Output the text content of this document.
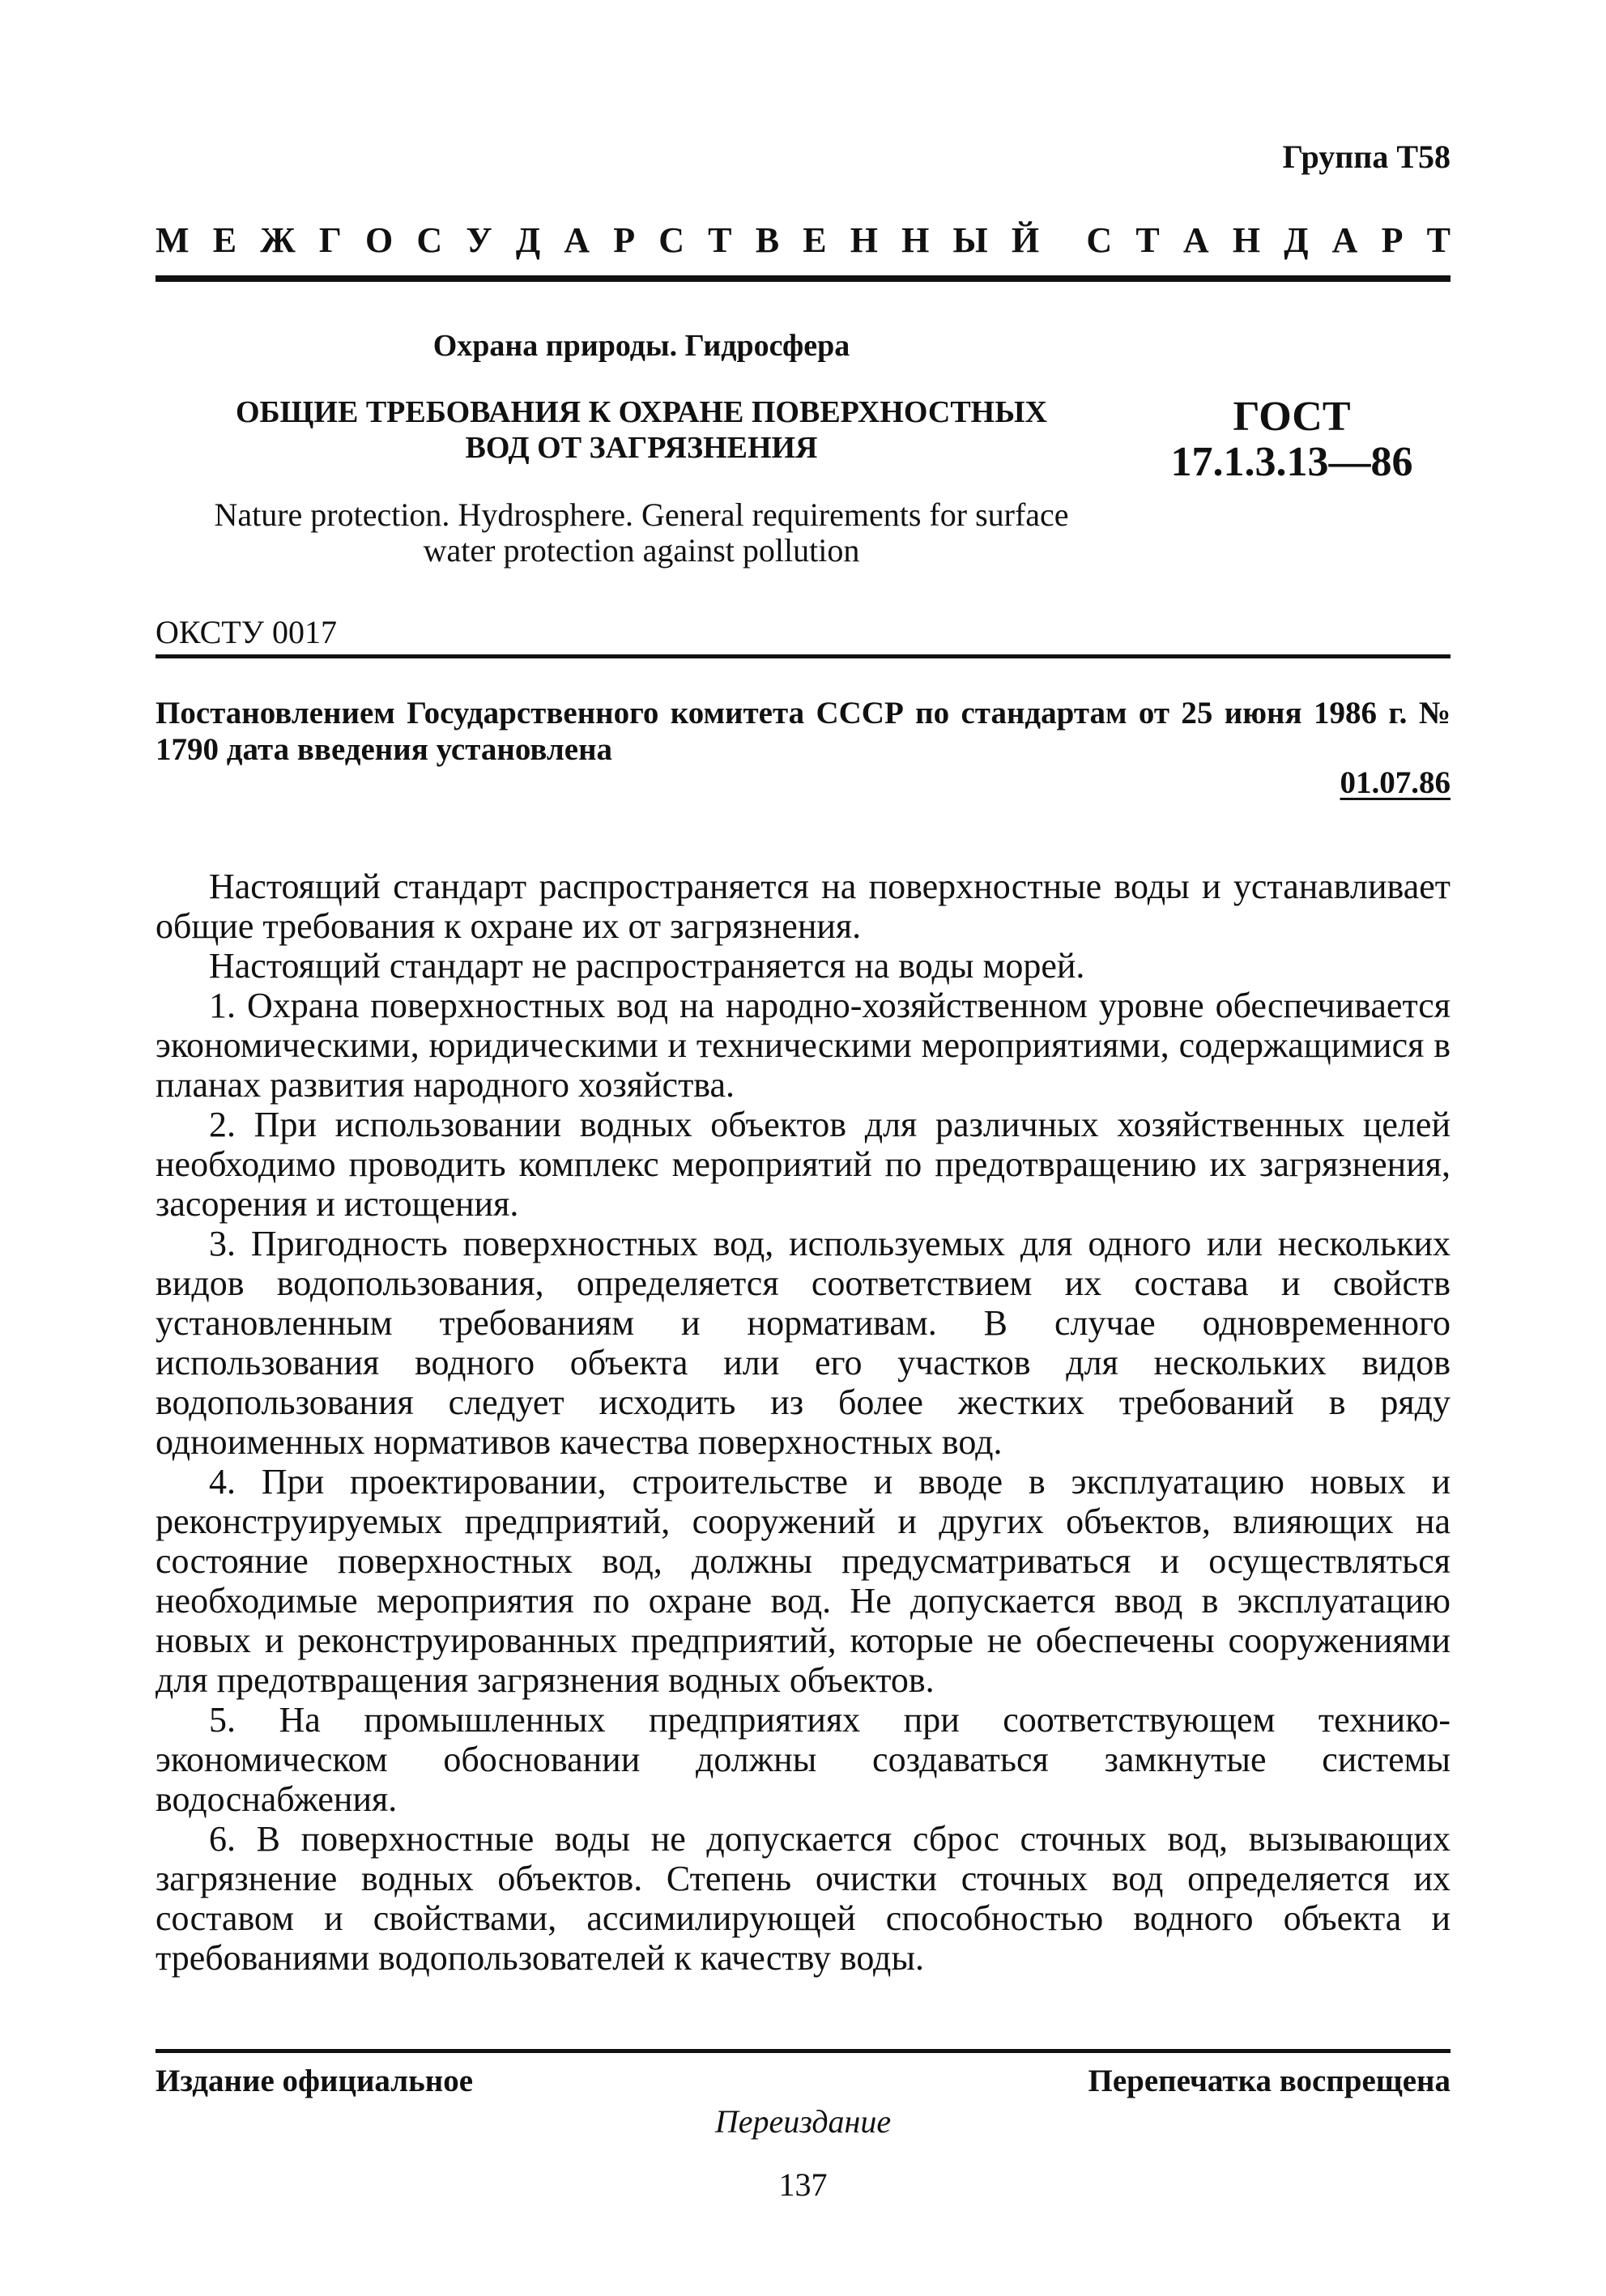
Группа Т58
М Е Ж Г О С У Д А Р С Т В Е Н Н Ы Й С Т А Н Д А Р Т
Охрана природы. Гидросфера
ОБЩИЕ ТРЕБОВАНИЯ К ОХРАНЕ ПОВЕРХНОСТНЫХ
ВОД ОТ ЗАГРЯЗНЕНИЯ
ГОСТ
17.1.3.13—86
Nature protection. Hydrosphere. General requirements for surface
water protection against pollution
ОКСТУ 0017
Постановлением Государственного комитета СССР по стандартам от 25 июня 1986 г. № 1790 дата введения установлена
01.07.86

Настоящий стандарт распространяется на поверхностные воды и устанавливает общие требования к охране их от загрязнения.

Настоящий стандарт не распространяется на воды морей.

1. Охрана поверхностных вод на народно-хозяйственном уровне обеспечивается экономическими, юридическими и техническими мероприятиями, содержащимися в планах развития народного хозяйства.

2. При использовании водных объектов для различных хозяйственных целей необходимо проводить комплекс мероприятий по предотвращению их загрязнения, засорения и истощения.

3. Пригодность поверхностных вод, используемых для одного или нескольких видов водопользования, определяется соответствием их состава и свойств установленным требованиям и нормативам. В случае одновременного использования водного объекта или его участков для нескольких видов водопользования следует исходить из более жестких требований в ряду одноименных нормативов качества поверхностных вод.

4. При проектировании, строительстве и вводе в эксплуатацию новых и реконструируемых предприятий, сооружений и других объектов, влияющих на состояние поверхностных вод, должны предусматриваться и осуществляться необходимые мероприятия по охране вод. Не допускается ввод в эксплуатацию новых и реконструированных предприятий, которые не обеспечены сооружениями для предотвращения загрязнения водных объектов.

5. На промышленных предприятиях при соответствующем технико-экономическом обосновании должны создаваться замкнутые системы водоснабжения.

6. В поверхностные воды не допускается сброс сточных вод, вызывающих загрязнение водных объектов. Степень очистки сточных вод определяется их составом и свойствами, ассимилирующей способностью водного объекта и требованиями водопользователей к качеству воды.

Издание официальное	Перепечатка воспрещена
Переиздание
137
